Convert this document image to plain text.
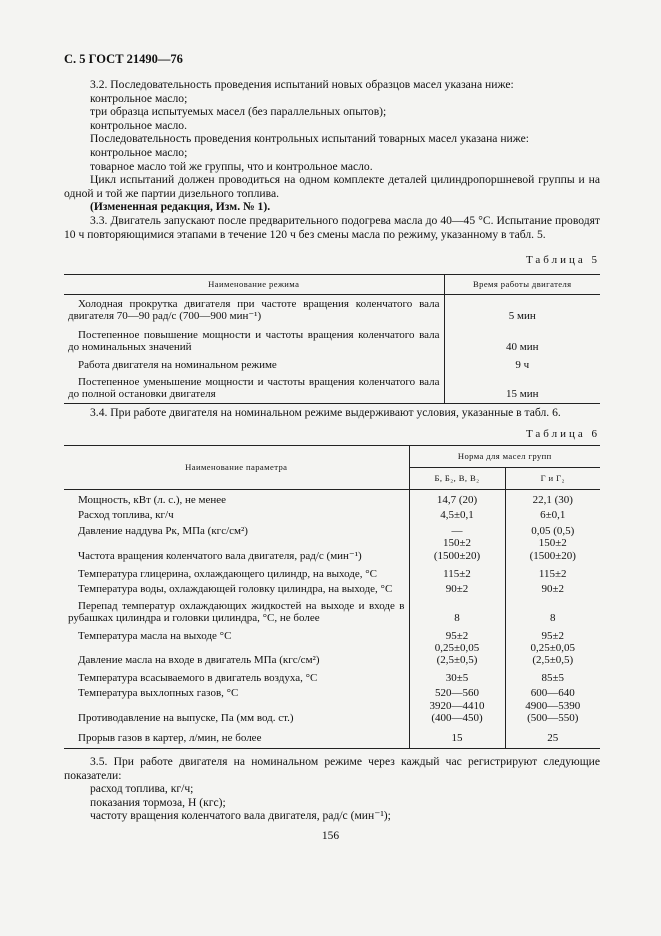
С. 5 ГОСТ 21490—76

3.2. Последовательность проведения испытаний новых образцов масел указана ниже:

контрольное масло;

три образца испытуемых масел (без параллельных опытов);

контрольное масло.

Последовательность проведения контрольных испытаний товарных масел указана ниже:

контрольное масло;

товарное масло той же группы, что и контрольное масло.

Цикл испытаний должен проводиться на одном комплекте деталей цилиндропоршневой группы и на одной и той же партии дизельного топлива.

(Измененная редакция, Изм. № 1).

3.3. Двигатель запускают после предварительного подогрева масла до 40—45 °С. Испытание проводят 10 ч повторяющимися этапами в течение 120 ч без смены масла по режиму, указанному в табл. 5.

Таблица 5
Наименование режима	Время работы двигателя

Холодная прокрутка двигателя при частоте вращения коленчатого вала двигателя 70—90 рад/с (700—900 мин⁻¹)	5 мин

Постепенное повышение мощности и частоты вращения коленчатого вала до номинальных значений	40 мин

Работа двигателя на номинальном режиме	9 ч

Постепенное уменьшение мощности и частоты вращения коленчатого вала до полной остановки двигателя	15 мин

3.4. При работе двигателя на номинальном режиме выдерживают условия, указанные в табл. 6.

Таблица 6
Наименование параметра	Норма для масел групп	
	Б, Б₂, В, В₂	Г и Г₂

Мощность, кВт (л. с.), не менее	14,7 (20)	22,1 (30)

Расход топлива, кг/ч	4,5±0,1	6±0,1

Давление наддува Pк, МПа (кгс/см²)	—	0,05 (0,5)

Частота вращения коленчатого вала двигателя, рад/с (мин⁻¹)	150±2
(1500±20)	150±2
(1500±20)

Температура глицерина, охлаждающего цилиндр, на выходе, °С	115±2	115±2

Температура воды, охлаждающей головку цилиндра, на выходе, °С	90±2	90±2

Перепад температур охлаждающих жидкостей на выходе и входе в рубашках цилиндра и головки цилиндра, °С, не более	8	8

Температура масла на выходе °С	95±2	95±2

Давление масла на входе в двигатель МПа (кгс/см²)	0,25±0,05
(2,5±0,5)	0,25±0,05
(2,5±0,5)

Температура всасываемого в двигатель воздуха, °С	30±5	85±5

Температура выхлопных газов, °С	520—560	600—640

Противодавление на выпуске, Па (мм вод. ст.)	3920—4410
(400—450)	4900—5390
(500—550)

Прорыв газов в картер, л/мин, не более	15	25

3.5. При работе двигателя на номинальном режиме через каждый час регистрируют следующие показатели:

расход топлива, кг/ч;

показания тормоза, Н (кгс);

частоту вращения коленчатого вала двигателя, рад/с (мин⁻¹);

156
